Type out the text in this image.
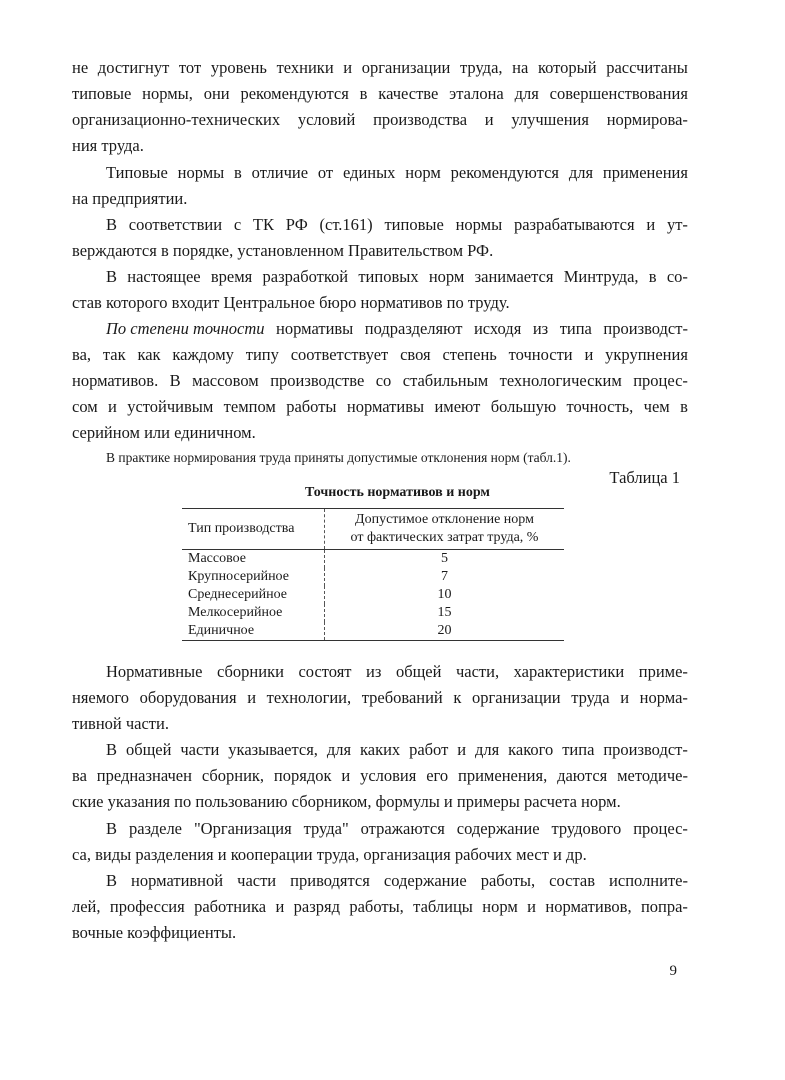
не достигнут тот уровень техники и организации труда, на который рассчитаны
типовые нормы, они рекомендуются в качестве эталона для совершенствования
организационно-технических условий производства и улучшения нормирова-
ния труда.
Типовые нормы в отличие от единых норм рекомендуются для применения
на предприятии.
В соответствии с ТК РФ (ст.161) типовые нормы разрабатываются и ут-
верждаются в порядке, установленном Правительством РФ.
В настоящее время разработкой типовых норм занимается Минтруда, в со-
став которого входит Центральное бюро нормативов по труду.
По степени точности нормативы подразделяют исходя из типа производст-
ва, так как каждому типу соответствует своя степень точности и укрупнения
нормативов. В массовом производстве со стабильным технологическим процес-
сом и устойчивым темпом работы нормативы имеют большую точность, чем в
серийном или единичном.
В практике нормирования труда приняты допустимые отклонения норм (табл.1).
Таблица 1
Точность нормативов и норм
Тип производства	Допустимое отклонение норм
от фактических затрат труда, %
Массовое	5
Крупносерийное	7
Среднесерийное	10
Мелкосерийное	15
Единичное	20
Нормативные сборники состоят из общей части, характеристики приме-
няемого оборудования и технологии, требований к организации труда и норма-
тивной части.
В общей части указывается, для каких работ и для какого типа производст-
ва предназначен сборник, порядок и условия его применения, даются методиче-
ские указания по пользованию сборником, формулы и примеры расчета норм.
В разделе "Организация труда" отражаются содержание трудового процес-
са, виды разделения и кооперации труда, организация рабочих мест и др.
В нормативной части приводятся содержание работы, состав исполните-
лей, профессия работника и разряд работы, таблицы норм и нормативов, попра-
вочные коэффициенты.
9
